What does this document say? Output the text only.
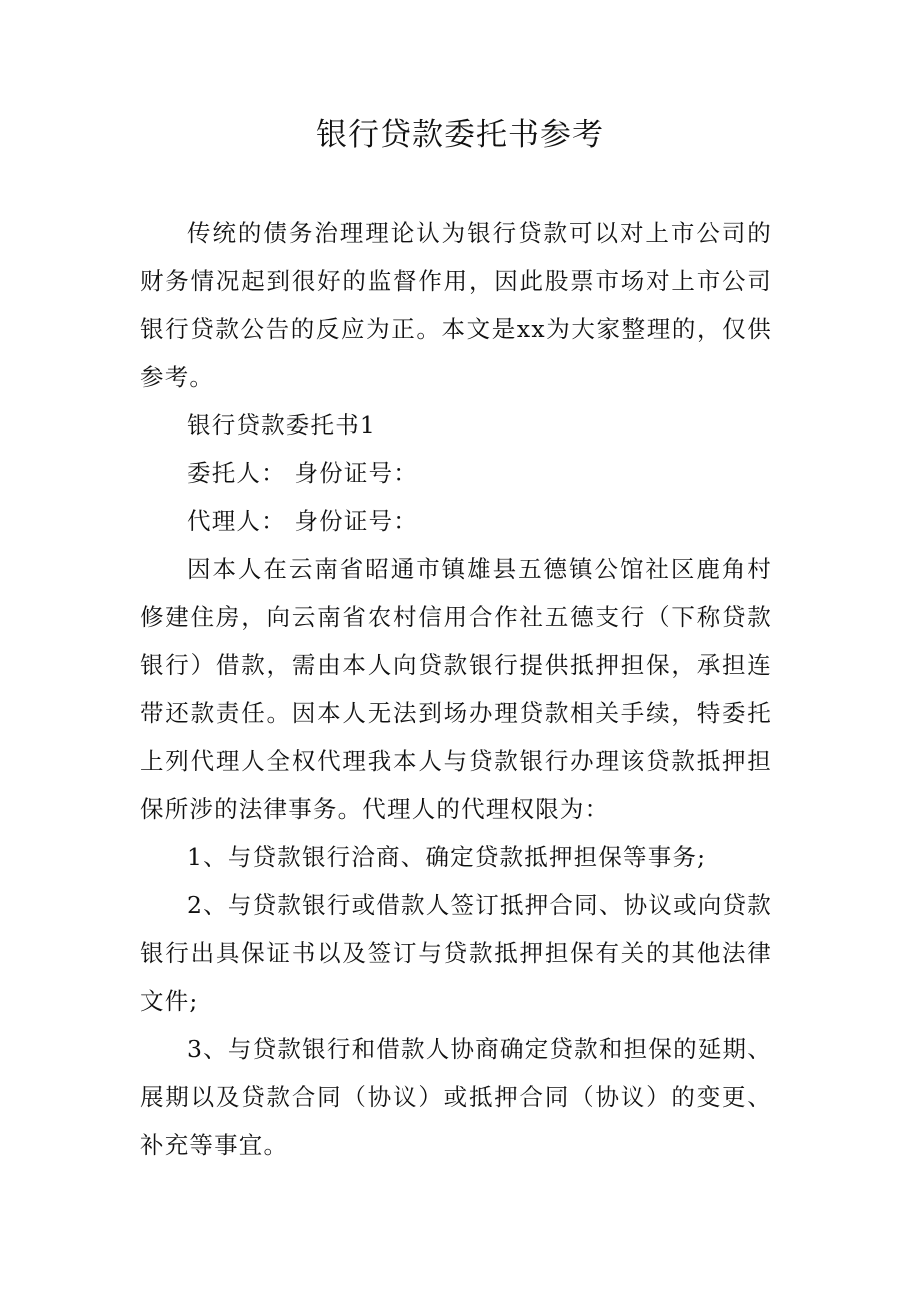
银行贷款委托书参考

传统的债务治理理论认为银行贷款可以对上市公司的财务情况起到很好的监督作用，因此股票市场对上市公司银行贷款公告的反应为正。本文是xx为大家整理的，仅供参考。

银行贷款委托书1

委托人： 身份证号：

代理人： 身份证号：

因本人在云南省昭通市镇雄县五德镇公馆社区鹿角村修建住房，向云南省农村信用合作社五德支行（下称贷款银行）借款，需由本人向贷款银行提供抵押担保，承担连带还款责任。因本人无法到场办理贷款相关手续，特委托上列代理人全权代理我本人与贷款银行办理该贷款抵押担保所涉的法律事务。代理人的代理权限为：

1、与贷款银行洽商、确定贷款抵押担保等事务;

2、与贷款银行或借款人签订抵押合同、协议或向贷款银行出具保证书以及签订与贷款抵押担保有关的其他法律文件;

3、与贷款银行和借款人协商确定贷款和担保的延期、展期以及贷款合同（协议）或抵押合同（协议）的变更、补充等事宜。
